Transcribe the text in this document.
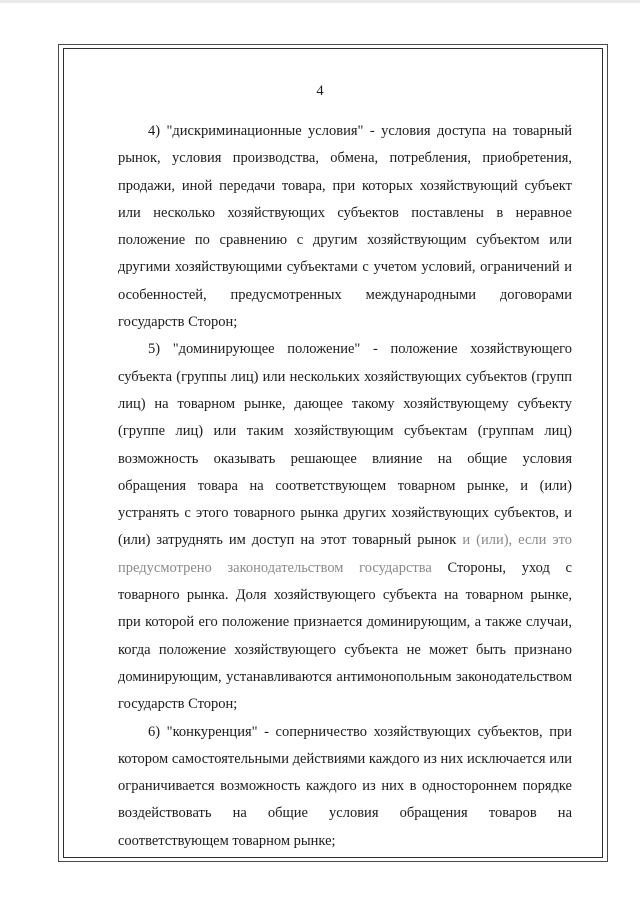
4

4) "дискриминационные условия" - условия доступа на товарный рынок, условия производства, обмена, потребления, приобретения, продажи, иной передачи товара, при которых хозяйствующий субъект или несколько хозяйствующих субъектов поставлены в неравное положение по сравнению с другим хозяйствующим субъектом или другими хозяйствующими субъектами с учетом условий, ограничений и особенностей, предусмотренных международными договорами государств Сторон;

5) "доминирующее положение" - положение хозяйствующего субъекта (группы лиц) или нескольких хозяйствующих субъектов (групп лиц) на товарном рынке, дающее такому хозяйствующему субъекту (группе лиц) или таким хозяйствующим субъектам (группам лиц) возможность оказывать решающее влияние на общие условия обращения товара на соответствующем товарном рынке, и (или) устранять с этого товарного рынка других хозяйствующих субъектов, и (или) затруднять им доступ на этот товарный рынок и (или), если это предусмотрено законодательством государства Стороны, уход с товарного рынка. Доля хозяйствующего субъекта на товарном рынке, при которой его положение признается доминирующим, а также случаи, когда положение хозяйствующего субъекта не может быть признано доминирующим, устанавливаются антимонопольным законодательством государств Сторон;

6) "конкуренция" - соперничество хозяйствующих субъектов, при котором самостоятельными действиями каждого из них исключается или ограничивается возможность каждого из них в одностороннем порядке воздействовать на общие условия обращения товаров на соответствующем товарном рынке;
